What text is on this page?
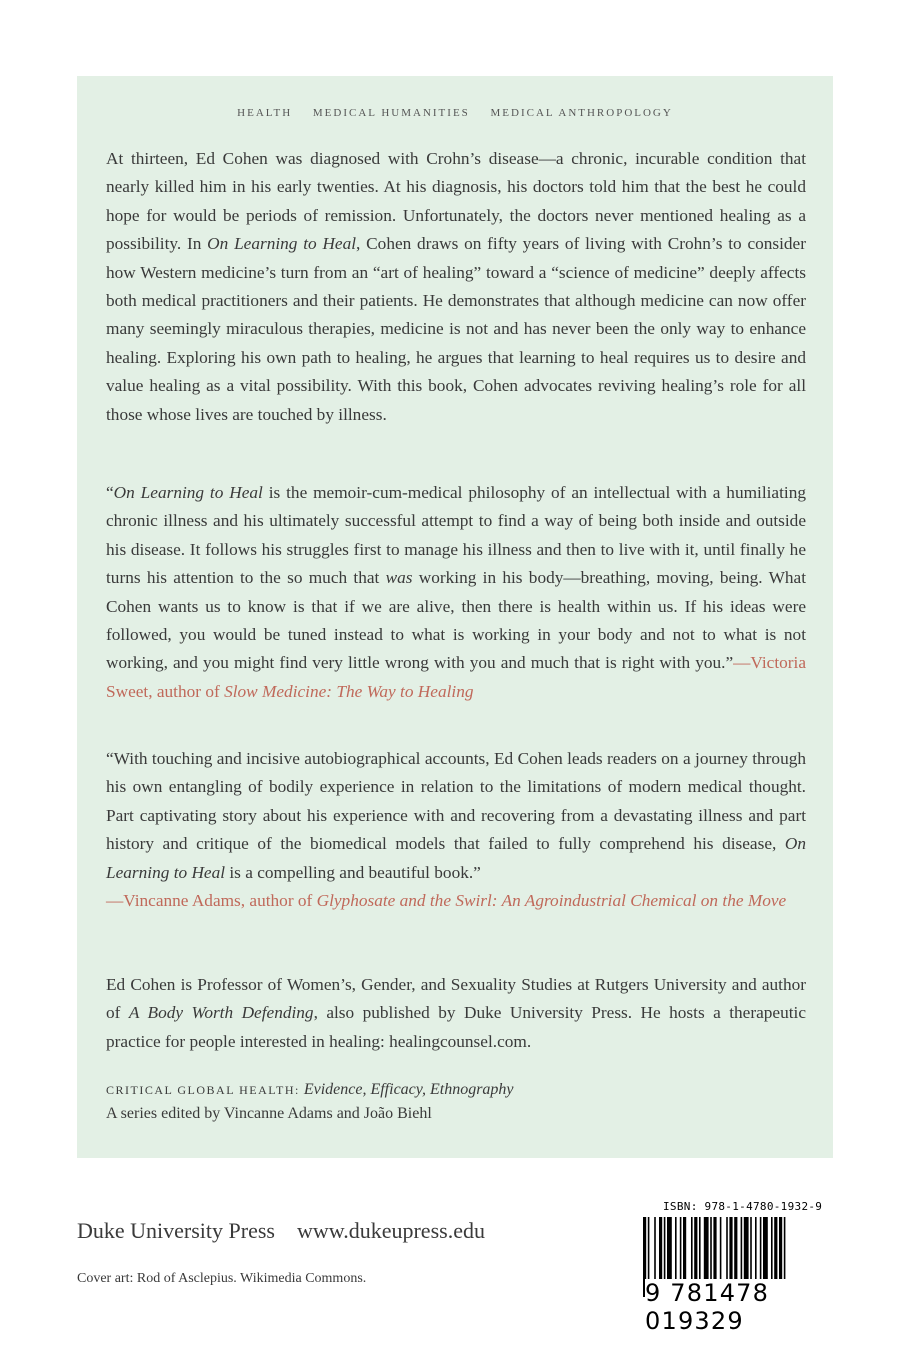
HEALTH MEDICAL HUMANITIES MEDICAL ANTHROPOLOGY
At thirteen, Ed Cohen was diagnosed with Crohn’s disease—a chronic, incurable condition that nearly killed him in his early twenties. At his diagnosis, his doctors told him that the best he could hope for would be periods of remission. Unfortunately, the doctors never mentioned healing as a possibility. In On Learning to Heal, Cohen draws on fifty years of living with Crohn’s to consider how Western medicine’s turn from an “art of healing” toward a “science of medicine” deeply affects both medical practitioners and their patients. He demonstrates that although medicine can now offer many seemingly miraculous therapies, medicine is not and has never been the only way to enhance healing. Exploring his own path to healing, he argues that learning to heal requires us to desire and value healing as a vital possibility. With this book, Cohen advocates reviving healing’s role for all those whose lives are touched by illness.
“On Learning to Heal is the memoir-cum-medical philosophy of an intellectual with a humiliating chronic illness and his ultimately successful attempt to find a way of being both inside and outside his disease. It follows his struggles first to manage his illness and then to live with it, until finally he turns his attention to the so much that was working in his body—breathing, moving, being. What Cohen wants us to know is that if we are alive, then there is health within us. If his ideas were followed, you would be tuned instead to what is working in your body and not to what is not working, and you might find very little wrong with you and much that is right with you.”—Victoria Sweet, author of Slow Medicine: The Way to Healing
“With touching and incisive autobiographical accounts, Ed Cohen leads readers on a journey through his own entangling of bodily experience in relation to the limitations of modern medical thought. Part captivating story about his experience with and recovering from a devastating illness and part history and critique of the biomedical models that failed to fully comprehend his disease, On Learning to Heal is a compelling and beautiful book.”
—Vincanne Adams, author of Glyphosate and the Swirl: An Agroindustrial Chemical on the Move
Ed Cohen is Professor of Women’s, Gender, and Sexuality Studies at Rutgers University and author of A Body Worth Defending, also published by Duke University Press. He hosts a therapeutic practice for people interested in healing: healingcounsel.com.
CRITICAL GLOBAL HEALTH: Evidence, Efficacy, Ethnography
A series edited by Vincanne Adams and João Biehl
Duke University Press www.dukeupress.edu
Cover art: Rod of Asclepius. Wikimedia Commons.
ISBN: 978-1-4780-1932-9
9 781478 019329
